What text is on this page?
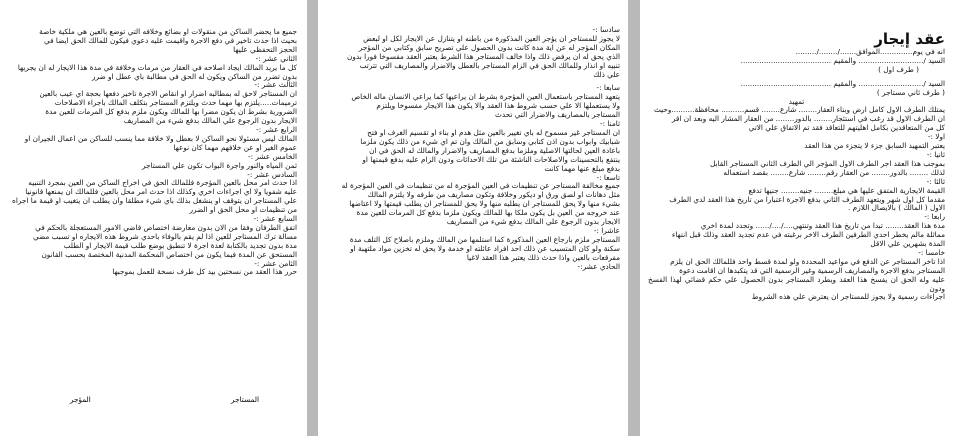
عقد إيجار
انه في يوم..............الموافق......./......../.........
السيد /............................ والمقيم .......................................
( طرف اول )
السيد /............................ والمقيم .......................................
( طرف ثاني مستاجر )
تمهيد
يمتلك الطرف الاول كامل ارض وبناء العقار........ شارع........ قسم.......... محافظة..........وحيث
ان الطرف الاول قد رغب في استئجار........ بالدور........ من العقار المشار اليه وبعد ان اقر
كل من المتعاقدين بكامل اهليتهم للتعاقد فقد تم الاتفاق علي الاتي
اولا :-
يعتبر التمهيد السابق جزء لا يتجزء من هذا العقد
ثانيا :-
بموجب هذا العقد اجر الطرف الاول المؤجر الي الطرف الثاني المستاجر القابل
لذلك ........ بالدور........ من العقار رقم........ شارع........ بقصد استعماله
ثالثا :-
القيمة الايجارية المتفق عليها هي مبلغ........ جنيه........ جنيها تدفع
مقدما كل اول شهر ويتعهد الطرف الثاني بدفع الاجرة اعتبارا من تاريخ هذا العقد لدي الطرف
الاول ( المالك ) بالايصال اللازم .
رابعا :-
مدة هذا العقد........ تبدا من تاريخ هذا العقد وتنتهي..../..../...... وتجدد لمدة اخري
مماثلة مالم يخطر احدي الطرفين الطرف الاخر برغبته في عدم تجديد العقد وذلك قبل انتهاء
المدة بشهرين علي الاقل
خامسا :-
اذا تاخر المستاجر عن الدفع في مواعيد المحددة ولو لمدة قسط واحد فللمالك الحق ان يلزم
المستاجر بدفع الاجرة والمصاريف الرسمية وغير الرسمية التي قد يتكبدها ان اقامت دعوة
عليه وله الحق ان يفسخ هذا العقد ويطرد المستاجر بدون الحصول علي حكم قضائي لهذا الفسخ ودون
اجراءات رسمية ولا يجوز للمستاجر ان يعترض علي هذه الشروط
سادسا :-
لا يجوز للمستاجر ان يؤجر العين المذكورة من باطنه او يتنازل عن الايجار لكل او لبعض
المكان المؤجر له عن اية مدة كانت بدون الحصول علي تصريح سابق وكتابي من المؤجر
الذي يحق له ان يرفض ذلك واذا خالف المستاجر هذا الشرط يعتبر العقد مفسوخا فورا بدون
تنبيه او انذار وللمالك الحق في الزام المستاجر بالعطل والاضرار والمصاريف التي تترتب
علي ذلك
سابعا :-
يتعهد المستاجر باستعمال العين المؤجرة بشرط ان يراعيها كما يراعي الانسان ماله الخاص
ولا يستعملها الا علي حسب شروط هذا العقد والا يكون هذا الايجار مفسوخا ويلتزم
المستاجر بالمصاريف والاضرار التي تحدث
ثامنا :-
ان المستاجر غير مسموح له باي تغيير بالعين مثل هدم او بناء او تقسيم الغرف او فتح
شبابيك وابواب بدون اذن كتابي وسابق من المالك وان تم اي شيء من ذلك يكون ملزما
باعادة العين لحالتها الاصلية وملزما بدفع المصاريف والاضرار والمالك له الحق في ان
ينتفع بالتحسينات والاصلاحات الناشئة من تلك الاحداثات ودون الزام عليه بدفع قيمتها او
بدفع مبلغ عنها مهما كانت
تاسعا :-
جميع مخالفة المستاجر عن تنظيمات في العين المؤجرة له من تنظيمات في العين المؤجرة له
مثل دهانات او لصق ورق او ديكور وخلافة وتكون مصاريف من طرفه ولا يلتزم المالك
بشيء منها ولا يحق للمستاجر ان يطلبه منها ولا يحق للمستاجر ان يطلب قيمتها ولا اعتاضها
عند خروجه من العين بل يكون ملكا بها للمالك ويكون ملزما بدفع كل المرمات للعين مدة
الايجار بدون الرجوع علي المالك بدفع شيء من المصاريف
عاشرا :-
المستاجر ملزم بارجاع العين المذكورة كما استلمها من المالك وملزم باصلاح كل التلف مدة
سكنة ولو كان المتسبب عن ذلك احد افراد عائلته او خدمة ولا يحق له تخزين مواد ملتهبة او
مفرقعات بالعين واذا حدث ذلك يعتبر هذا العقد لاغيا
الحادي عشر:-
جميع ما يحضر الساكن من منقولات او بضائع وخلافه التي توضع بالعين هي ملكية خاصة
بحيث اذا حدث تاخير في دفع الاجرة واقيمت عليه دعوي فيكون للمالك الحق ايضا في
الحجز التحفظي عليها
الثاني عشر :-
كل ما يريد المالك ايجاد اصلاحه في العقار من مرمات وخلافة في مدة هذا الايجار له ان يجريها
بدون تضرر من الساكن ويكون له الحق في مطالبة باي عطل او ضرر
الثالث عشر :-
ان المستاجر لاحق له بمطالبه اضرار او انقاص الاجرة تاخير دفعها بحجة اي عيب بالعين
ترميمات.....يلتزم بها مهما حدث ويلتزم المستاجر بتكلف المالك باجراء الاصلاحات
الضرورية بشرط ان يكون مضرا بها للمالك ويكون ملزم بدفع كل المرمات للعين مدة
الايجار بدون الرجوع علي المالك بدفع شيء من المصاريف
الرابع عشر :-
المالك ليس مسئولا نحو الساكن لا بعطل ولا خلافة مما ينسب للساكن من اعمال الجيران او
عموم الغير او عن خلافهم مهما كان نوعها
الخامس عشر :-
ثمن المياه والنور واجرة البواب تكون علي المستاجر
السادس عشر :-
اذا حدث امر محل بالعين المؤجرة فللمالك الحق في اخراج الساكن من العين بمجرد التنبيه
عليه شفويا ولا اي اجراءات اخري وكذلك اذا حدث امر محل بالعين فللمالك ان يمنعها قانونيا
علي المستاجر ان يتوقف او ينشغل بذلك باي شيء مطلقا وان يطلب ان يتغيب او قيمة ما اجراه
من تنظيمات او محل الحق او الضرر
السابع عشر :-
اتفق الطرفان وفقا من الان بدون معارضة اختصاص قاضي الامور المستعجلة بالحكم في
مسالة ترك المستاجر للعين اذا لم يقم بالوفاء باحدي شروط هذه الايجاره او تسبب مضي
مدة بدون تجديد بالكتابة لعدة اجرة لا تنطبق بوضع طلب قيمة الايجار او الطلب
المستحق عن المدة فيما يكون من اختصاص المحكمة المدنية المختصة بحسب القانون
الثامن عشر :-
حرر هذا العقد من نسختين بيد كل طرف نسخة للعمل بموجبها
المستاجر
المؤجر
